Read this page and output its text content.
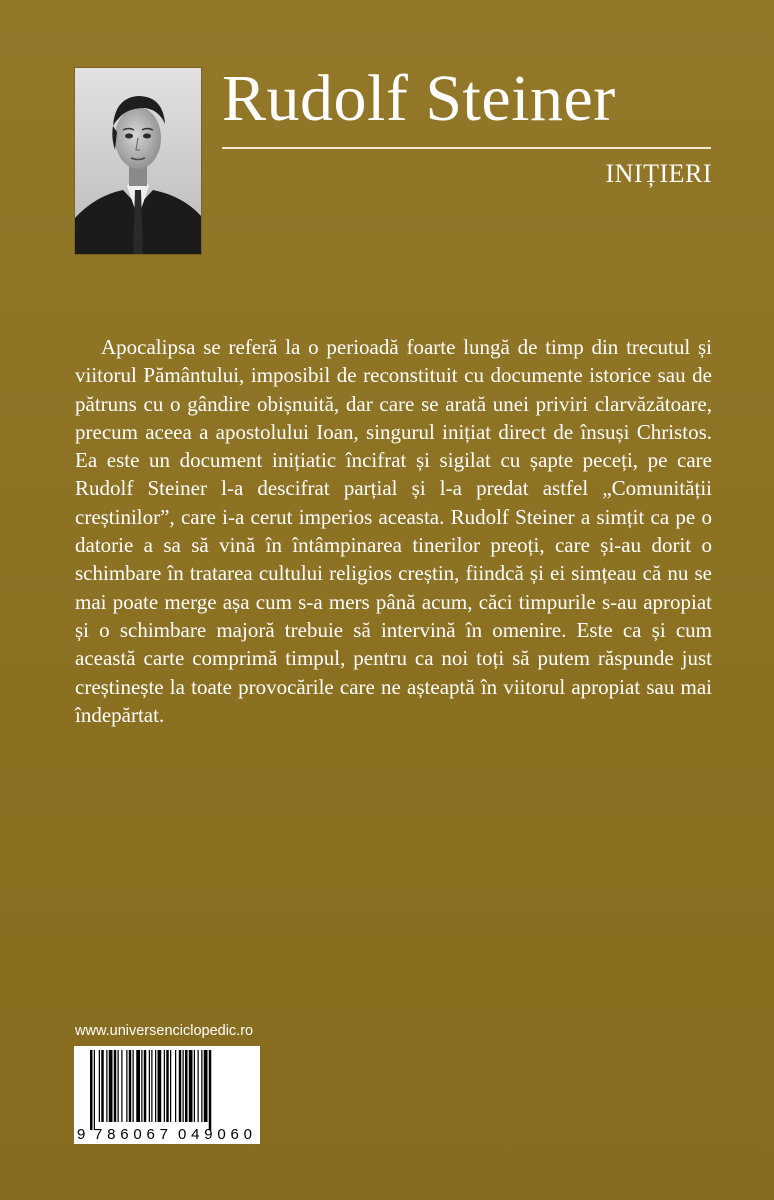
Rudolf Steiner
INIȚIERI

Apocalipsa se referă la o perioadă foarte lungă de timp din trecutul și viitorul Pământului, imposibil de reconstituit cu documente istorice sau de pătruns cu o gândire obișnuită, dar care se arată unei priviri clarvăzătoare, precum aceea a apostolului Ioan, singurul inițiat direct de însuși Christos. Ea este un document inițiatic încifrat și sigilat cu șapte peceți, pe care Rudolf Steiner l-a descifrat parțial și l-a predat astfel „Comunității creștinilor”, care i-a cerut imperios aceasta. Rudolf Steiner a simțit ca pe o datorie a sa să vină în întâmpinarea tinerilor preoți, care și-au dorit o schimbare în tratarea cultului religios creștin, fiindcă și ei simțeau că nu se mai poate merge așa cum s-a mers până acum, căci timpurile s-au apropiat și o schimbare majoră trebuie să intervină în omenire. Este ca și cum această carte comprimă timpul, pentru ca noi toți să putem răspunde just creștinește la toate provocările care ne așteaptă în viitorul apropiat sau mai îndepărtat.

www.universenciclopedic.ro
9 786067 049060
